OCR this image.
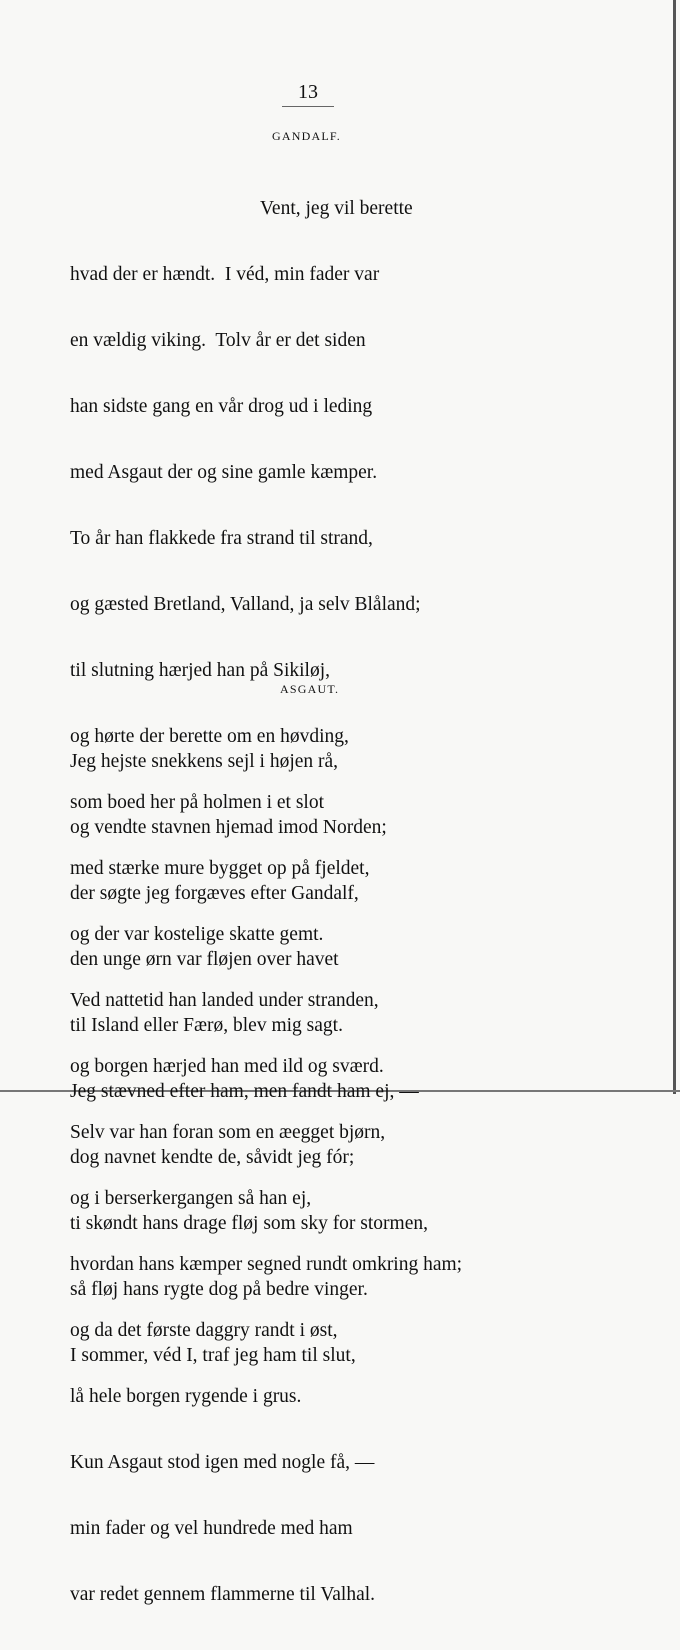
13
GANDALF.

Vent, jeg vil berette

hvad der er hændt.  I véd, min fader var

en vældig viking.  Tolv år er det siden

han sidste gang en vår drog ud i leding

med Asgaut der og sine gamle kæmper.

To år han flakkede fra strand til strand,

og gæsted Bretland, Valland, ja selv Blåland;

til slutning hærjed han på Sikiløj,

og hørte der berette om en høvding,

som boed her på holmen i et slot

med stærke mure bygget op på fjeldet,

og der var kostelige skatte gemt.

Ved nattetid han landed under stranden,

og borgen hærjed han med ild og sværd.

Selv var han foran som en æegget bjørn,

og i berserkergangen så han ej,

hvordan hans kæmper segned rundt omkring ham;

og da det første daggry randt i øst,

lå hele borgen rygende i grus.

Kun Asgaut stod igen med nogle få, —

min fader og vel hundrede med ham

var redet gennem flammerne til Valhal.

ASGAUT.

Jeg hejste snekkens sejl i højen rå,

og vendte stavnen hjemad imod Norden;

der søgte jeg forgæves efter Gandalf,

den unge ørn var fløjen over havet

til Island eller Færø, blev mig sagt.

Jeg stævned efter ham, men fandt ham ej, —

dog navnet kendte de, såvidt jeg fór;

ti skøndt hans drage fløj som sky for stormen,

så fløj hans rygte dog på bedre vinger.

I sommer, véd I, traf jeg ham til slut,
